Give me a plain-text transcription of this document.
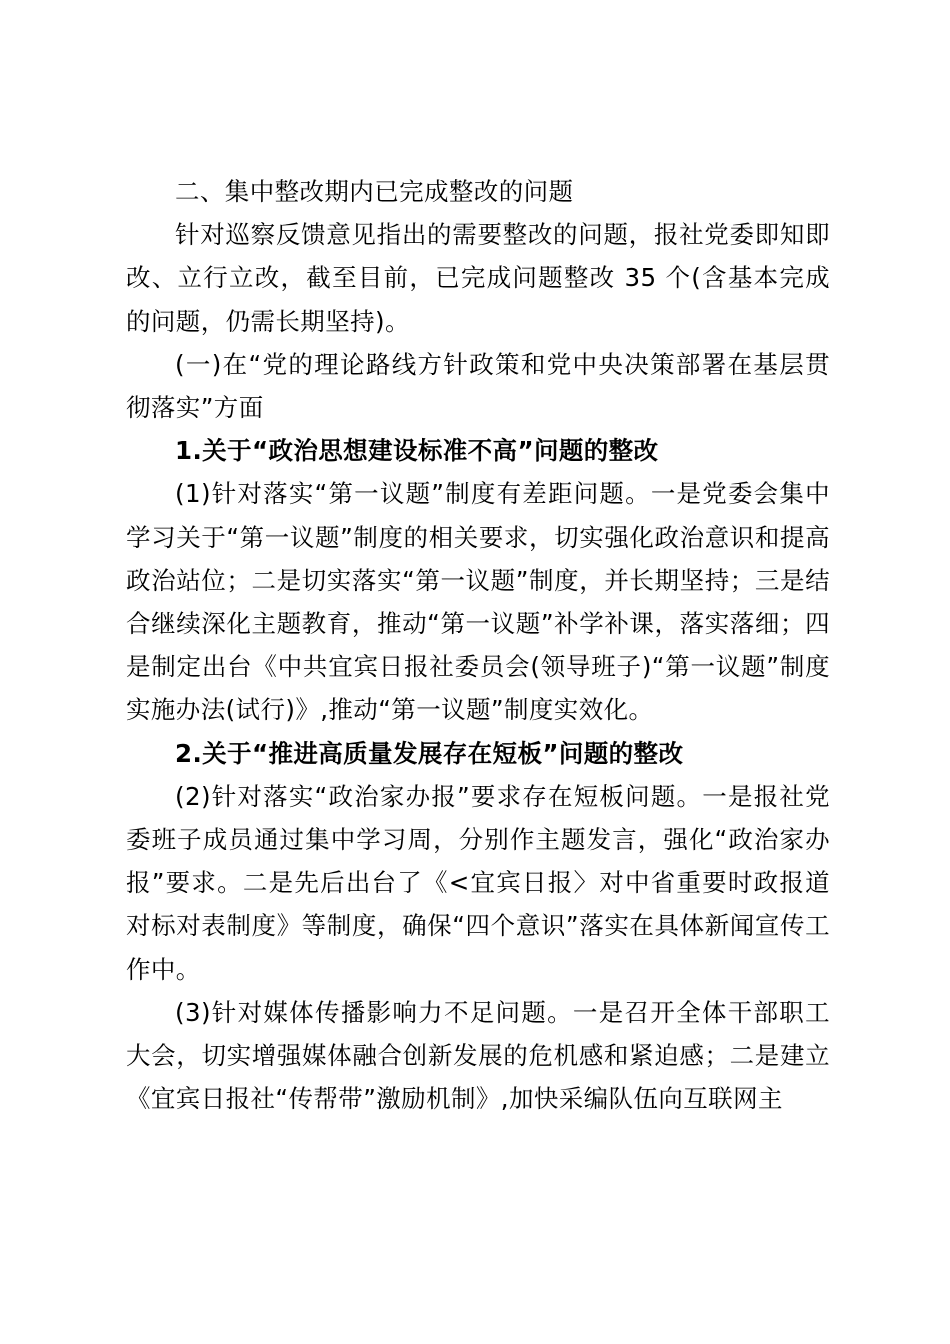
二、集中整改期内已完成整改的问题

针对巡察反馈意见指出的需要整改的问题，报社党委即知即改、立行立改，截至目前，已完成问题整改 35 个(含基本完成的问题，仍需长期坚持)。

(一)在“党的理论路线方针政策和党中央决策部署在基层贯彻落实”方面

1.关于“政治思想建设标准不高”问题的整改

(1)针对落实“第一议题”制度有差距问题。一是党委会集中学习关于“第一议题”制度的相关要求，切实强化政治意识和提高政治站位；二是切实落实“第一议题”制度，并长期坚持；三是结合继续深化主题教育，推动“第一议题”补学补课，落实落细；四是制定出台《中共宜宾日报社委员会(领导班子)“第一议题”制度实施办法(试行)》,推动“第一议题”制度实效化。

2.关于“推进高质量发展存在短板”问题的整改

(2)针对落实“政治家办报”要求存在短板问题。一是报社党委班子成员通过集中学习周，分别作主题发言，强化“政治家办报”要求。二是先后出台了《<宜宾日报〉对中省重要时政报道对标对表制度》等制度，确保“四个意识”落实在具体新闻宣传工作中。

(3)针对媒体传播影响力不足问题。一是召开全体干部职工大会，切实增强媒体融合创新发展的危机感和紧迫感；二是建立《宜宾日报社“传帮带”激励机制》,加快采编队伍向互联网主
